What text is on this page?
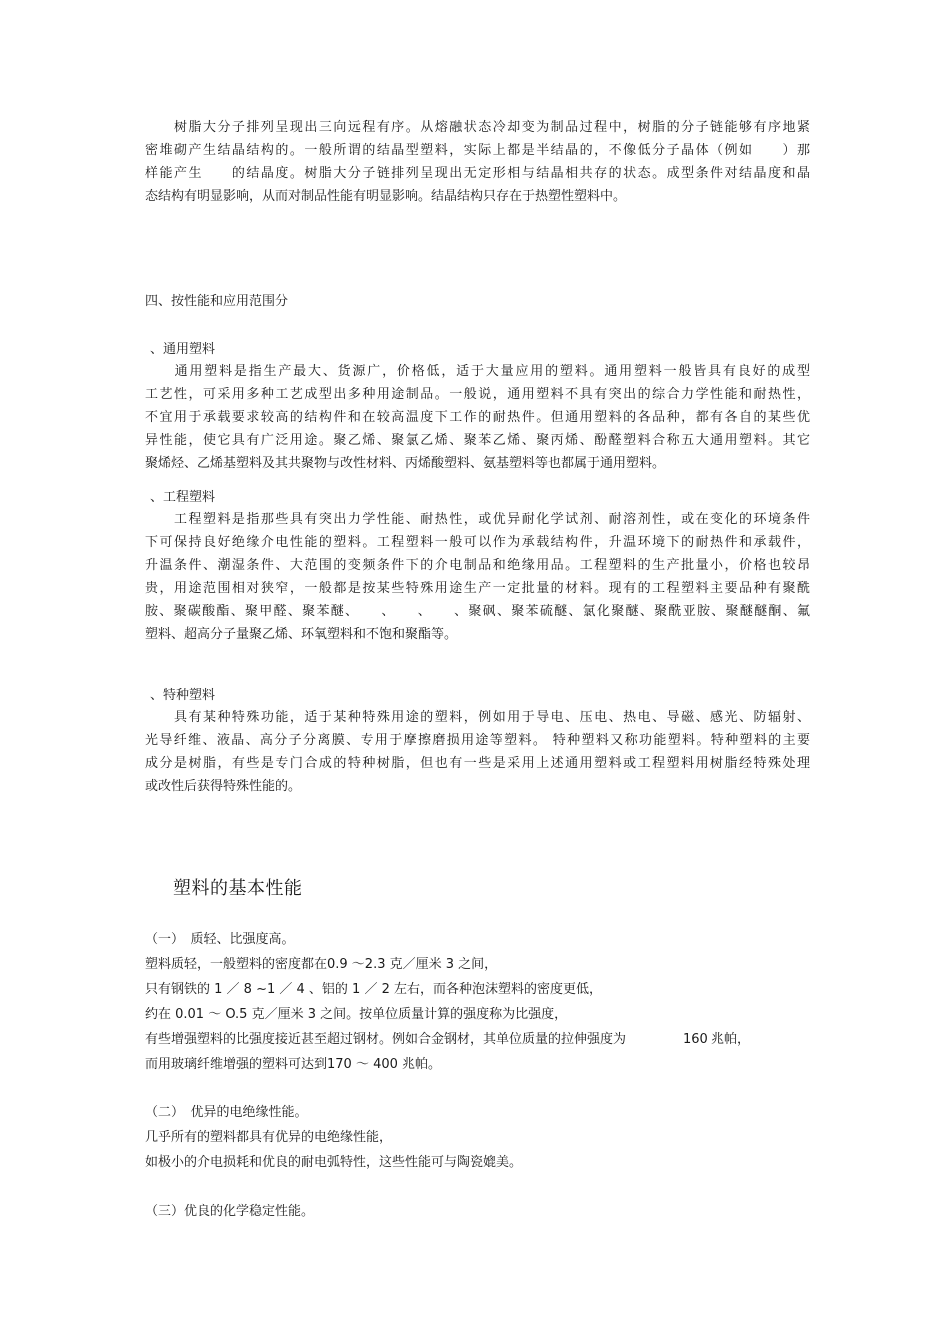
　　树脂大分子排列呈现出三向远程有序。从熔融状态冷却变为制品过程中，树脂的分子链能够有序地紧
密堆砌产生结晶结构的。一般所谓的结晶型塑料，实际上都是半结晶的，不像低分子晶体（例如　　）那
样能产生　　的结晶度。树脂大分子链排列呈现出无定形相与结晶相共存的状态。成型条件对结晶度和晶
态结构有明显影响，从而对制品性能有明显影响。结晶结构只存在于热塑性塑料中。
四、按性能和应用范围分
、通用塑料
　　通用塑料是指生产最大、货源广，价格低，适于大量应用的塑料。通用塑料一般皆具有良好的成型
工艺性，可采用多种工艺成型出多种用途制品。一般说，通用塑料不具有突出的综合力学性能和耐热性，
不宜用于承载要求较高的结构件和在较高温度下工作的耐热件。但通用塑料的各品种，都有各自的某些优
异性能，使它具有广泛用途。聚乙烯、聚氯乙烯、聚苯乙烯、聚丙烯、酚醛塑料合称五大通用塑料。其它
聚烯烃、乙烯基塑料及其共聚物与改性材料、丙烯酸塑料、氨基塑料等也都属于通用塑料。
、工程塑料
　　工程塑料是指那些具有突出力学性能、耐热性，或优异耐化学试剂、耐溶剂性，或在变化的环境条件
下可保持良好绝缘介电性能的塑料。工程塑料一般可以作为承载结构件，升温环境下的耐热件和承载件，
升温条件、潮湿条件、大范围的变频条件下的介电制品和绝缘用品。工程塑料的生产批量小，价格也较昂
贵，用途范围相对狭窄，一般都是按某些特殊用途生产一定批量的材料。现有的工程塑料主要品种有聚酰
胺、聚碳酸酯、聚甲醛、聚苯醚、　　、　　、　　、聚砜、聚苯硫醚、氯化聚醚、聚酰亚胺、聚醚醚酮、氟
塑料、超高分子量聚乙烯、环氧塑料和不饱和聚酯等。
、特种塑料
　　具有某种特殊功能，适于某种特殊用途的塑料，例如用于导电、压电、热电、导磁、感光、防辐射、
光导纤维、液晶、高分子分离膜、专用于摩擦磨损用途等塑料。 特种塑料又称功能塑料。特种塑料的主要
成分是树脂，有些是专门合成的特种树脂，但也有一些是采用上述通用塑料或工程塑料用树脂经特殊处理
或改性后获得特殊性能的。
塑料的基本性能
（一）　质轻、比强度高。
塑料质轻，一般塑料的密度都在0.9 ～2.3 克／厘米 3 之间，
只有钢铁的 1 ／ 8 ~1 ／ 4 、铝的 1 ／ 2 左右，而各种泡沫塑料的密度更低，
约在 0.01 ～ O.5 克／厘米 3 之间。按单位质量计算的强度称为比强度，
有些增强塑料的比强度接近甚至超过钢材。例如合金钢材，其单位质量的拉伸强度为	160 兆帕，
而用玻璃纤维增强的塑料可达到170 ～ 400 兆帕。
（二）　优异的电绝缘性能。
几乎所有的塑料都具有优异的电绝缘性能，
如极小的介电损耗和优良的耐电弧特性，这些性能可与陶瓷媲美。
（三）优良的化学稳定性能。
